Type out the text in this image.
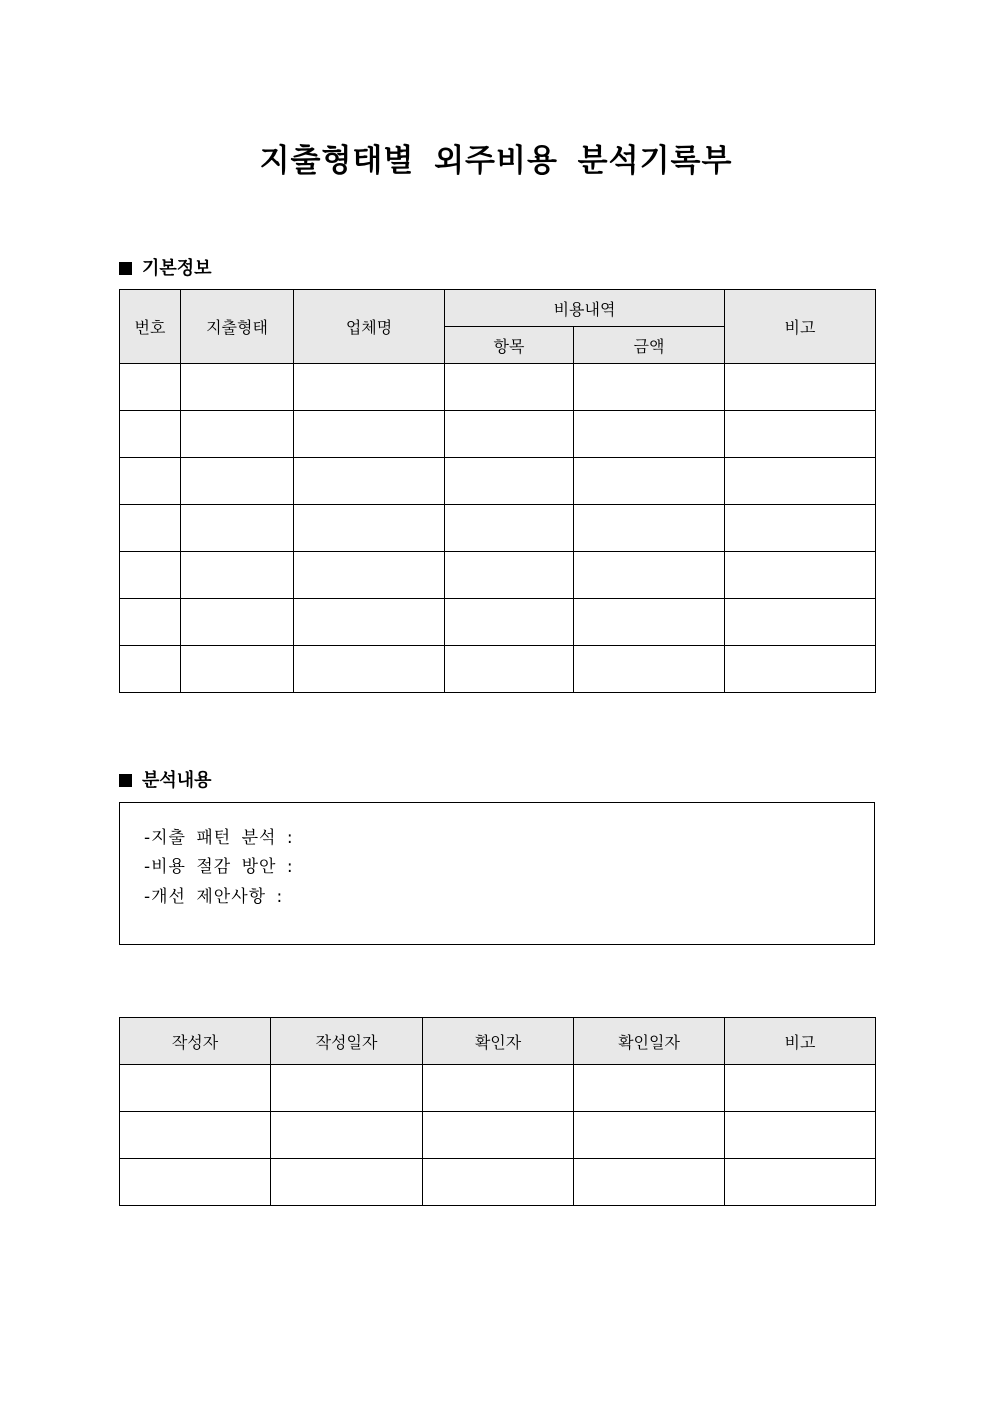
지출형태별 외주비용 분석기록부
기본정보
번호	지출형태	업체명	비용내역		비고
			항목	금액	

분석내용
-지출 패턴 분석 :
-비용 절감 방안 :
-개선 제안사항 :
작성자	작성일자	확인자	확인일자	비고
